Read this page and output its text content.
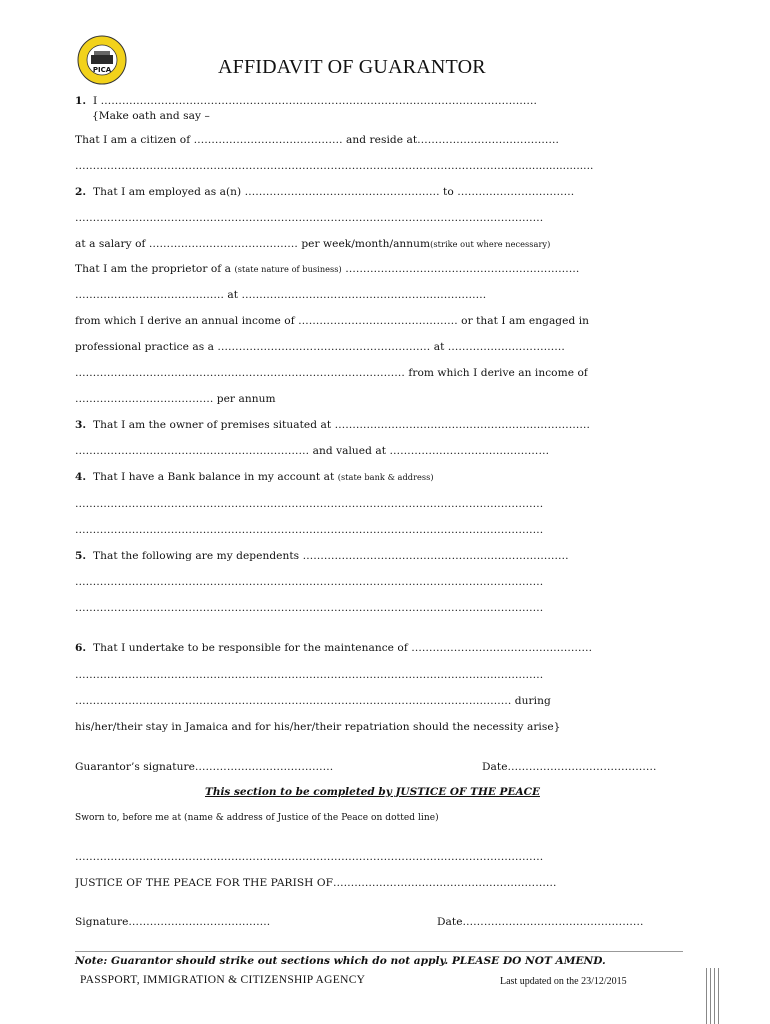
PICA	AFFIDAVIT OF GUARANTOR
1. I ……………………………………………………………………………………………………………
{Make oath and say –
That I am a citizen of …………………………………… and reside at………………………………….
……………………………………………………………………………………………………………........................
2. That I am employed as a(n) ………………………….…………………… to ……………………………
……………………………………………………………………………………………………………………
at a salary of …………………………………… per week/month/annum(strike out where necessary)
That I am the proprietor of a (state nature of business) …………………………………………………………
…………………………………… at ……………………………………………………………
from which I derive an annual income of ……………………………………… or that I am engaged in
professional practice as a …………………………………………………… at ……………………………
………………………………………………………………………………… from which I derive an income of
………………………………… per annum
3. That I am the owner of premises situated at ………………………………………………………………
………………………………………………………… and valued at ………………………………………
4. That I have a Bank balance in my account at (state bank & address)
……………………………………………………………………………………………………………………
……………………………………………………………………………………………………………………
5. That the following are my dependents …………………………………………………………………
……………………………………………………………………………………………………………………
……………………………………………………………………………………………………………………
6. That I undertake to be responsible for the maintenance of ……………………………………………
……………………………………………………………………………………………………………………
…………………………………………………………………………………………………………… during
his/her/their stay in Jamaica and for his/her/their repatriation should the necessity arise}
Guarantor’s signature…………………………………	Date……………………………………
This section to be completed by JUSTICE OF THE PEACE
Sworn to, before me at (name & address of Justice of the Peace on dotted line)
……………………………………………………………………………………………………………………
JUSTICE OF THE PEACE FOR THE PARISH OF………………………………………………………
Signature………………………………….	Date……………………………………………
Note: Guarantor should strike out sections which do not apply. PLEASE DO NOT AMEND.
PASSPORT, IMMIGRATION & CITIZENSHIP AGENCY	Last updated on the 23/12/2015
